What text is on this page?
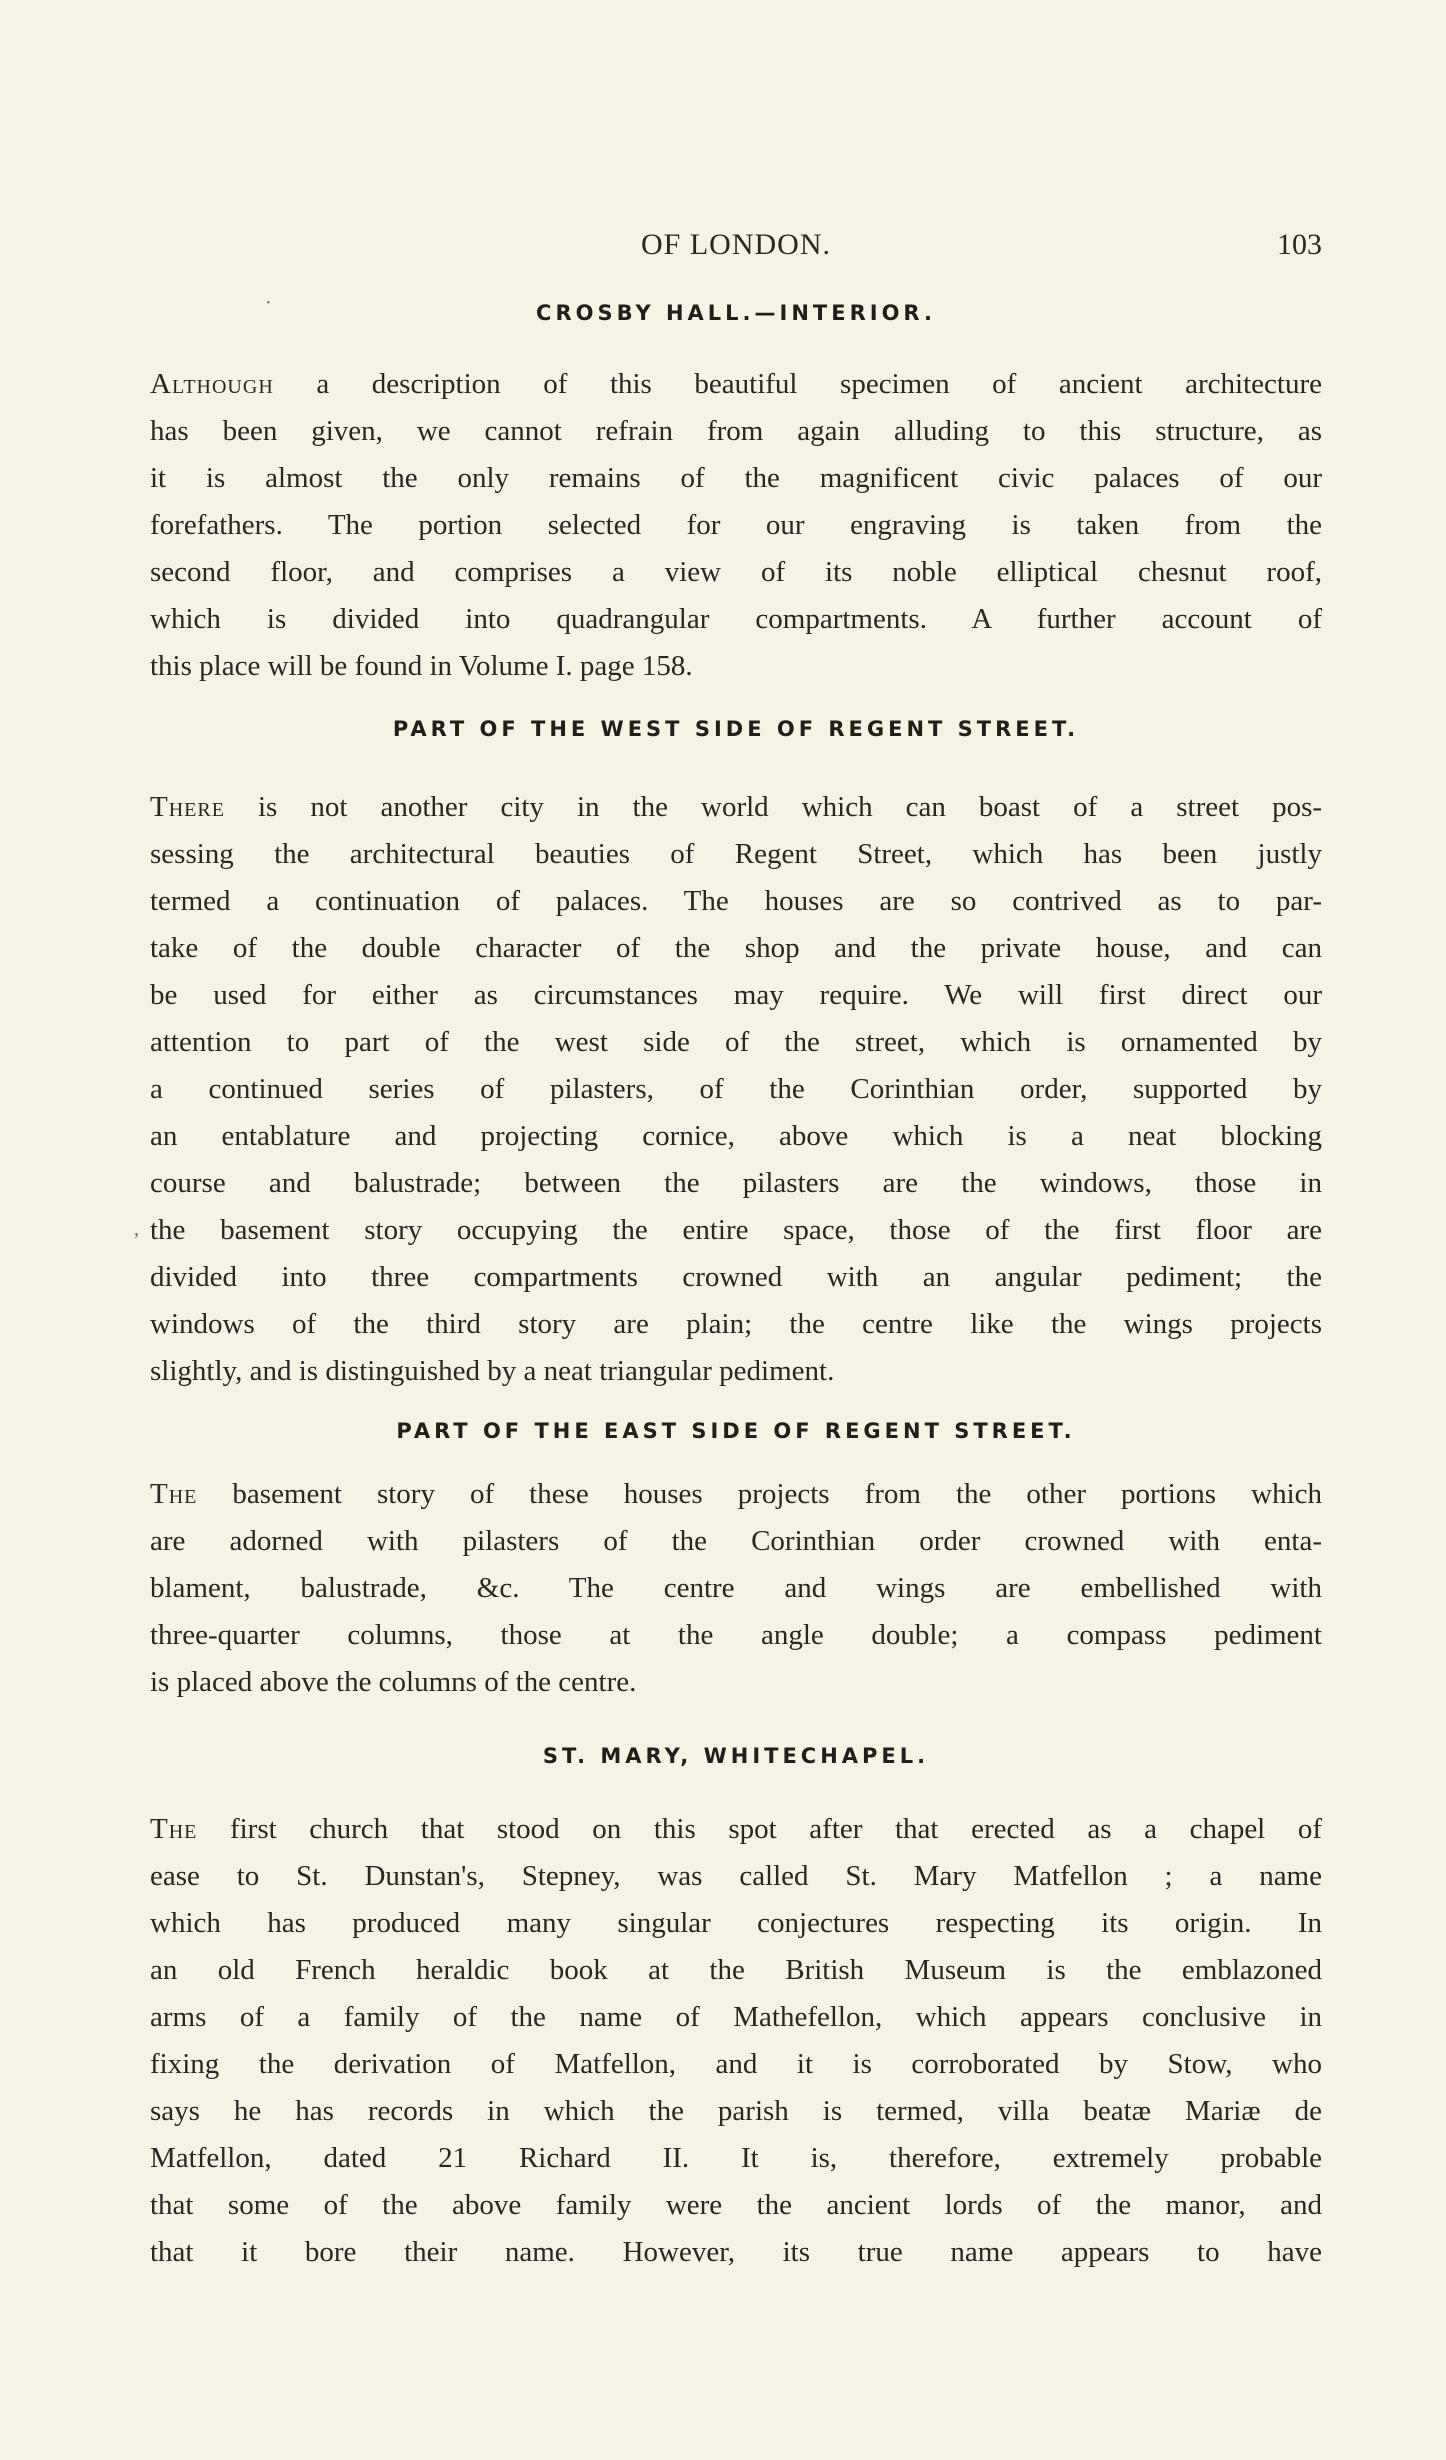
OF LONDON.	103
·
,
CROSBY HALL.—INTERIOR.
Although a description of this beautiful specimen of ancient architecture
has been given, we cannot refrain from again alluding to this structure, as
it is almost the only remains of the magnificent civic palaces of our
forefathers. The portion selected for our engraving is taken from the
second floor, and comprises a view of its noble elliptical chesnut roof,
which is divided into quadrangular compartments. A further account of
this place will be found in Volume I. page 158.
PART OF THE WEST SIDE OF REGENT STREET.
There is not another city in the world which can boast of a street pos-
sessing the architectural beauties of Regent Street, which has been justly
termed a continuation of palaces. The houses are so contrived as to par-
take of the double character of the shop and the private house, and can
be used for either as circumstances may require. We will first direct our
attention to part of the west side of the street, which is ornamented by
a continued series of pilasters, of the Corinthian order, supported by
an entablature and projecting cornice, above which is a neat blocking
course and balustrade; between the pilasters are the windows, those in
the basement story occupying the entire space, those of the first floor are
divided into three compartments crowned with an angular pediment; the
windows of the third story are plain; the centre like the wings projects
slightly, and is distinguished by a neat triangular pediment.
PART OF THE EAST SIDE OF REGENT STREET.
The basement story of these houses projects from the other portions which
are adorned with pilasters of the Corinthian order crowned with enta-
blament, balustrade, &c. The centre and wings are embellished with
three-quarter columns, those at the angle double; a compass pediment
is placed above the columns of the centre.
ST. MARY, WHITECHAPEL.
The first church that stood on this spot after that erected as a chapel of
ease to St. Dunstan's, Stepney, was called St. Mary Matfellon ; a name
which has produced many singular conjectures respecting its origin. In
an old French heraldic book at the British Museum is the emblazoned
arms of a family of the name of Mathefellon, which appears conclusive in
fixing the derivation of Matfellon, and it is corroborated by Stow, who
says he has records in which the parish is termed, villa beatæ Mariæ de
Matfellon, dated 21 Richard II. It is, therefore, extremely probable
that some of the above family were the ancient lords of the manor, and
that it bore their name. However, its true name appears to have
